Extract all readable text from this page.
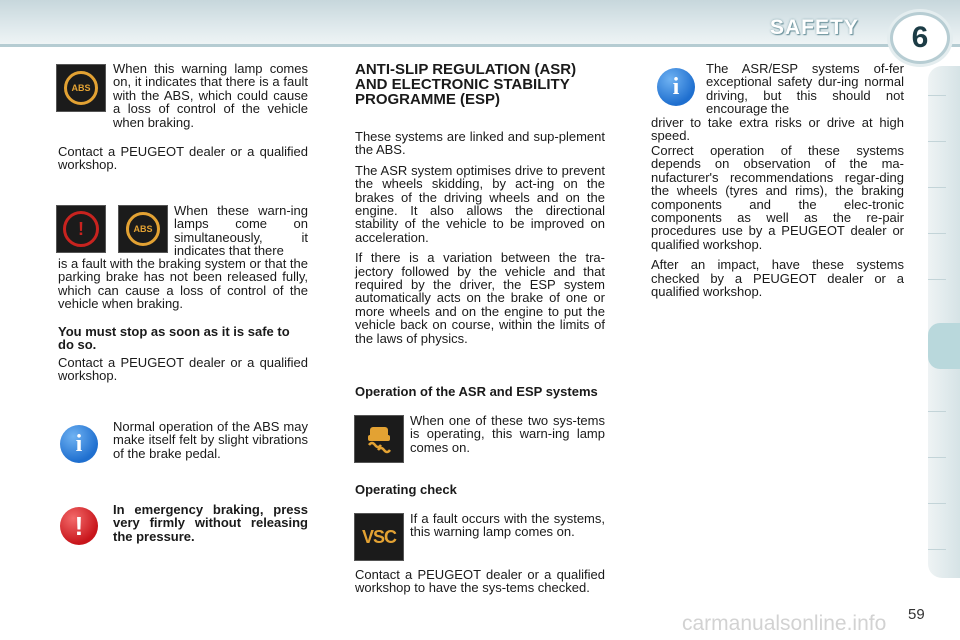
SAFETY	6
ABS

When this warning lamp comes on, it indicates that there is a fault with the ABS, which could cause a loss of control of the vehicle when braking.

Contact a PEUGEOT dealer or a qualified workshop.

!	ABS

When these warn-ing lamps come on simultaneously, it indicates that there

is a fault with the braking system or that the parking brake has not been released fully, which can cause a loss of control of the vehicle when braking.

You must stop as soon as it is safe to do so.

Contact a PEUGEOT dealer or a qualified workshop.

i

Normal operation of the ABS may make itself felt by slight vibrations of the brake pedal.

!

In emergency braking, press very firmly without releasing the pressure.

ANTI-SLIP REGULATION (ASR) AND ELECTRONIC STABILITY PROGRAMME (ESP)

These systems are linked and sup-plement the ABS.

The ASR system optimises drive to prevent the wheels skidding, by act-ing on the brakes of the driving wheels and on the engine. It also allows the directional stability of the vehicle to be improved on acceleration.

If there is a variation between the tra-jectory followed by the vehicle and that required by the driver, the ESP system automatically acts on the brake of one or more wheels and on the engine to put the vehicle back on course, within the limits of the laws of physics.

Operation of the ASR and ESP systems

When one of these two sys-tems is operating, this warn-ing lamp comes on.

Operating check
VSC

If a fault occurs with the systems, this warning lamp comes on.

Contact a PEUGEOT dealer or a qualified workshop to have the sys-tems checked.

i

The ASR/ESP systems of-fer exceptional safety dur-ing normal driving, but this should not encourage the

driver to take extra risks or drive at high speed.

Correct operation of these systems depends on observation of the ma-nufacturer's recommendations regar-ding the wheels (tyres and rims), the braking components and the elec-tronic components as well as the re-pair procedures use by a PEUGEOT dealer or qualified workshop.

After an impact, have these systems checked by a PEUGEOT dealer or a qualified workshop.

carmanualsonline.info 59
